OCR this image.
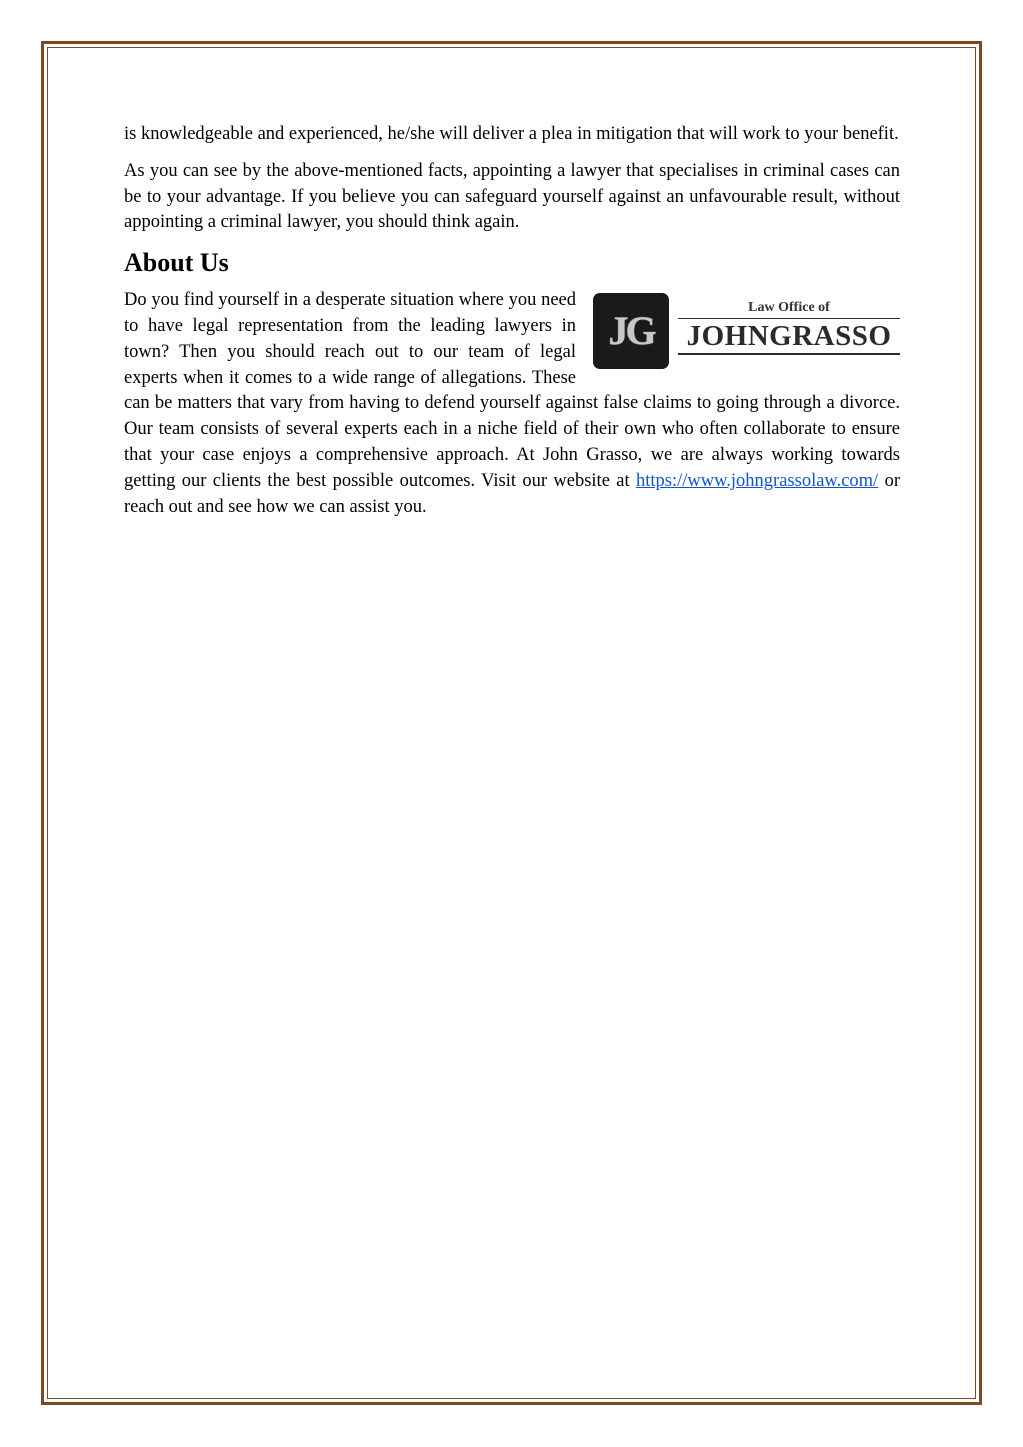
is knowledgeable and experienced, he/she will deliver a plea in mitigation that will work to your benefit.

As you can see by the above-mentioned facts, appointing a lawyer that specialises in criminal cases can be to your advantage. If you believe you can safeguard yourself against an unfavourable result, without appointing a criminal lawyer, you should think again.

About Us

JG
Law Office of
JOHNGRASSO
Do you find yourself in a desperate situation where you need to have legal representation from the leading lawyers in town? Then you should reach out to our team of legal experts when it comes to a wide range of allegations. These can be matters that vary from having to defend yourself against false claims to going through a divorce. Our team consists of several experts each in a niche field of their own who often collaborate to ensure that your case enjoys a comprehensive approach. At John Grasso, we are always working towards getting our clients the best possible outcomes. Visit our website at https://www.johngrassolaw.com/ or reach out and see how we can assist you.
